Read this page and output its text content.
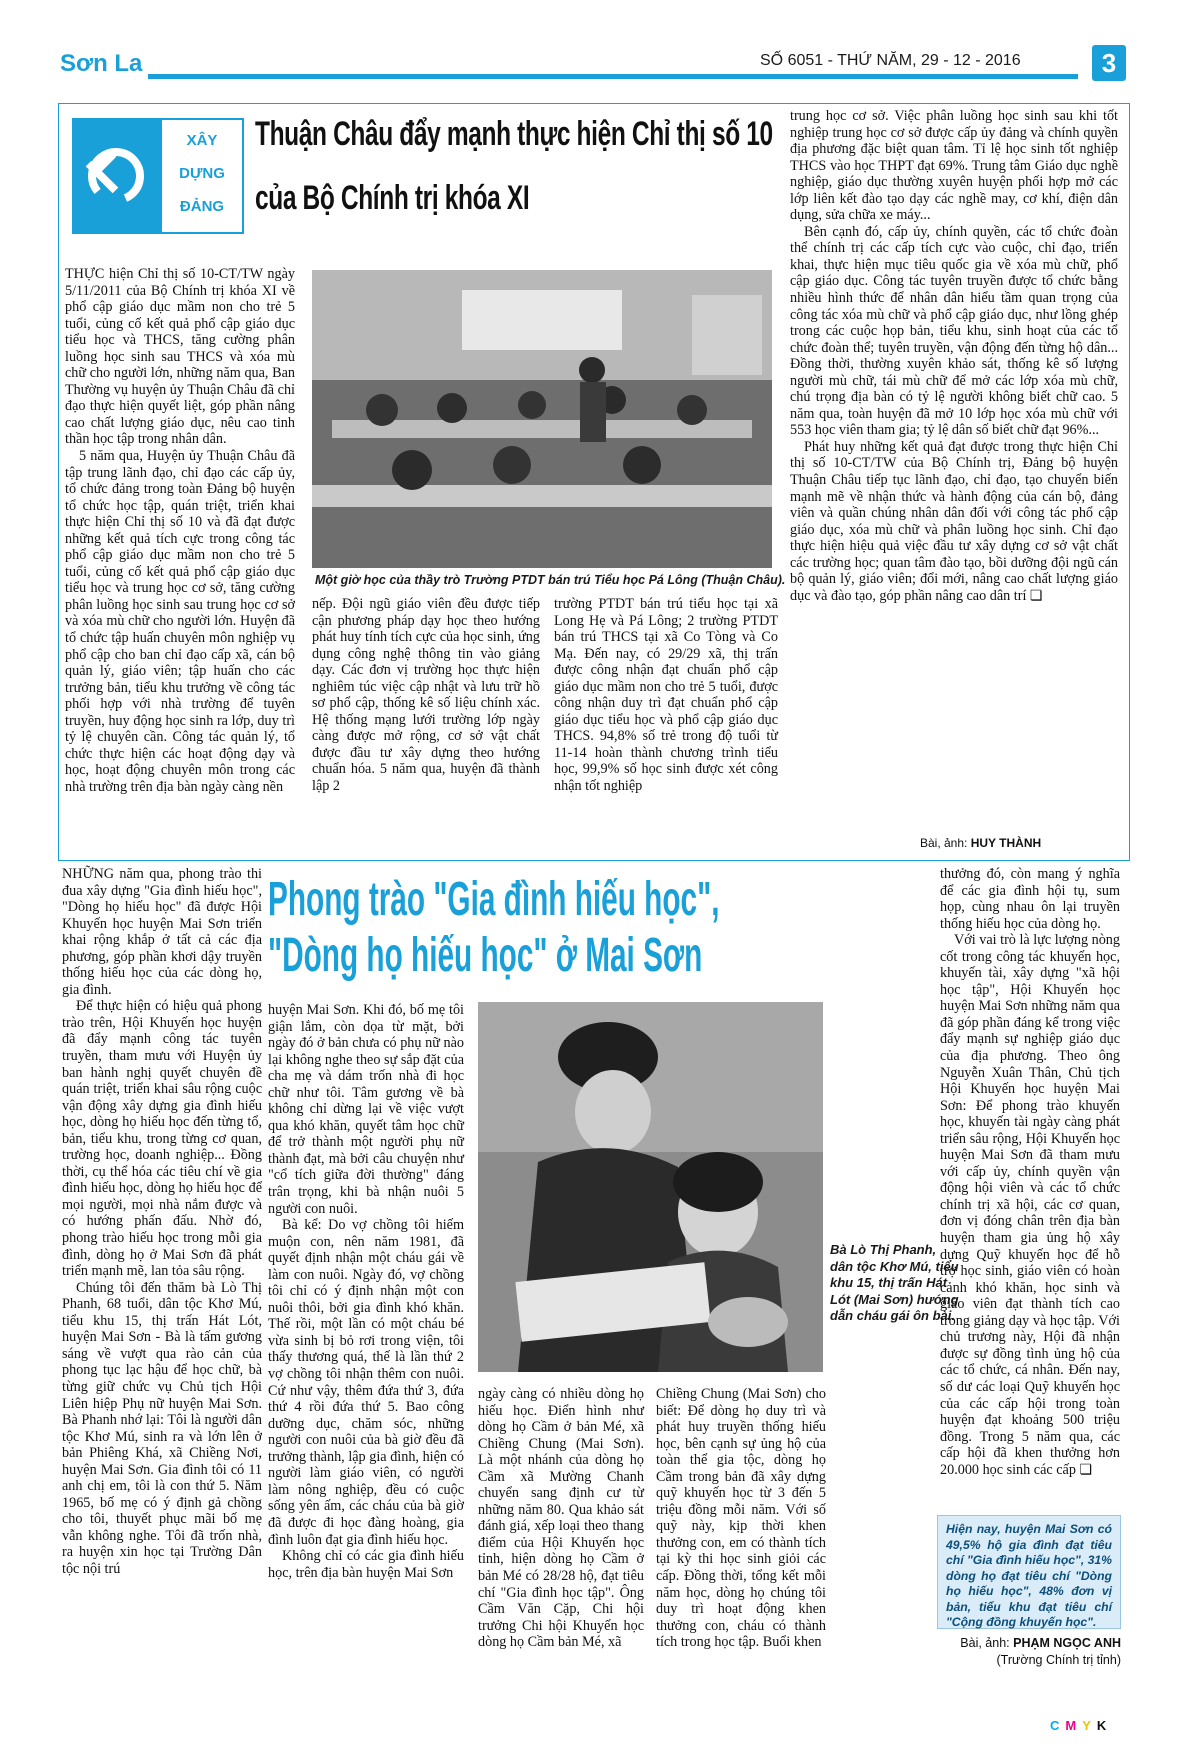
Sơn La	SỐ 6051 - THỨ NĂM, 29 - 12 - 2016	3
XÂY
DỰNG
ĐẢNG
Thuận Châu đẩy mạnh thực hiện Chỉ thị số 10
của Bộ Chính trị khóa XI

THỰC hiện Chỉ thị số 10-CT/TW ngày 5/11/2011 của Bộ Chính trị khóa XI về phổ cập giáo dục mầm non cho trẻ 5 tuổi, củng cố kết quả phổ cập giáo dục tiểu học và THCS, tăng cường phân luồng học sinh sau THCS và xóa mù chữ cho người lớn, những năm qua, Ban Thường vụ huyện ủy Thuận Châu đã chỉ đạo thực hiện quyết liệt, góp phần nâng cao chất lượng giáo dục, nêu cao tinh thần học tập trong nhân dân.

5 năm qua, Huyện ủy Thuận Châu đã tập trung lãnh đạo, chỉ đạo các cấp ủy, tổ chức đảng trong toàn Đảng bộ huyện tổ chức học tập, quán triệt, triển khai thực hiện Chỉ thị số 10 và đã đạt được những kết quả tích cực trong công tác phổ cập giáo dục mầm non cho trẻ 5 tuổi, củng cố kết quả phổ cập giáo dục tiểu học và trung học cơ sở, tăng cường phân luồng học sinh sau trung học cơ sở và xóa mù chữ cho người lớn. Huyện đã tổ chức tập huấn chuyên môn nghiệp vụ phổ cập cho ban chỉ đạo cấp xã, cán bộ quản lý, giáo viên; tập huấn cho các trưởng bản, tiểu khu trưởng về công tác phối hợp với nhà trường để tuyên truyền, huy động học sinh ra lớp, duy trì tỷ lệ chuyên cần. Công tác quản lý, tổ chức thực hiện các hoạt động dạy và học, hoạt động chuyên môn trong các nhà trường trên địa bàn ngày càng nền

Một giờ học của thầy trò Trường PTDT bán trú Tiểu học Pá Lông (Thuận Châu).

nếp. Đội ngũ giáo viên đều được tiếp cận phương pháp dạy học theo hướng phát huy tính tích cực của học sinh, ứng dụng công nghệ thông tin vào giảng dạy. Các đơn vị trường học thực hiện nghiêm túc việc cập nhật và lưu trữ hồ sơ phổ cập, thống kê số liệu chính xác. Hệ thống mạng lưới trường lớp ngày càng được mở rộng, cơ sở vật chất được đầu tư xây dựng theo hướng chuẩn hóa. 5 năm qua, huyện đã thành lập 2

trường PTDT bán trú tiểu học tại xã Long Hẹ và Pá Lông; 2 trường PTDT bán trú THCS tại xã Co Tòng và Co Mạ. Đến nay, có 29/29 xã, thị trấn được công nhận đạt chuẩn phổ cập giáo dục mầm non cho trẻ 5 tuổi, được công nhận duy trì đạt chuẩn phổ cập giáo dục tiểu học và phổ cập giáo dục THCS. 94,8% số trẻ trong độ tuổi từ 11-14 hoàn thành chương trình tiểu học, 99,9% số học sinh được xét công nhận tốt nghiệp

trung học cơ sở. Việc phân luồng học sinh sau khi tốt nghiệp trung học cơ sở được cấp ủy đảng và chính quyền địa phương đặc biệt quan tâm. Tỉ lệ học sinh tốt nghiệp THCS vào học THPT đạt 69%. Trung tâm Giáo dục nghề nghiệp, giáo dục thường xuyên huyện phối hợp mở các lớp liên kết đào tạo dạy các nghề may, cơ khí, điện dân dụng, sửa chữa xe máy...

Bên cạnh đó, cấp ủy, chính quyền, các tổ chức đoàn thể chính trị các cấp tích cực vào cuộc, chỉ đạo, triển khai, thực hiện mục tiêu quốc gia về xóa mù chữ, phổ cập giáo dục. Công tác tuyên truyền được tổ chức bằng nhiều hình thức để nhân dân hiểu tầm quan trọng của công tác xóa mù chữ và phổ cập giáo dục, như lồng ghép trong các cuộc họp bản, tiểu khu, sinh hoạt của các tổ chức đoàn thể; tuyên truyền, vận động đến từng hộ dân... Đồng thời, thường xuyên khảo sát, thống kê số lượng người mù chữ, tái mù chữ để mở các lớp xóa mù chữ, chú trọng địa bàn có tỷ lệ người không biết chữ cao. 5 năm qua, toàn huyện đã mở 10 lớp học xóa mù chữ với 553 học viên tham gia; tỷ lệ dân số biết chữ đạt 96%...

Phát huy những kết quả đạt được trong thực hiện Chỉ thị số 10-CT/TW của Bộ Chính trị, Đảng bộ huyện Thuận Châu tiếp tục lãnh đạo, chỉ đạo, tạo chuyển biến mạnh mẽ về nhận thức và hành động của cán bộ, đảng viên và quần chúng nhân dân đối với công tác phổ cập giáo dục, xóa mù chữ và phân luồng học sinh. Chỉ đạo thực hiện hiệu quả việc đầu tư xây dựng cơ sở vật chất các trường học; quan tâm đào tạo, bồi dưỡng đội ngũ cán bộ quản lý, giáo viên; đổi mới, nâng cao chất lượng giáo dục và đào tạo, góp phần nâng cao dân trí ❏

Bài, ảnh: HUY THÀNH

NHỮNG năm qua, phong trào thi đua xây dựng "Gia đình hiếu học", "Dòng họ hiếu học" đã được Hội Khuyến học huyện Mai Sơn triển khai rộng khắp ở tất cả các địa phương, góp phần khơi dậy truyền thống hiếu học của các dòng họ, gia đình.

Để thực hiện có hiệu quả phong trào trên, Hội Khuyến học huyện đã đẩy mạnh công tác tuyên truyền, tham mưu với Huyện ủy ban hành nghị quyết chuyên đề quán triệt, triển khai sâu rộng cuộc vận động xây dựng gia đình hiếu học, dòng họ hiếu học đến từng tổ, bản, tiểu khu, trong từng cơ quan, trường học, doanh nghiệp... Đồng thời, cụ thể hóa các tiêu chí về gia đình hiếu học, dòng họ hiếu học để mọi người, mọi nhà nắm được và có hướng phấn đấu. Nhờ đó, phong trào hiếu học trong mỗi gia đình, dòng họ ở Mai Sơn đã phát triển mạnh mẽ, lan tỏa sâu rộng.

Chúng tôi đến thăm bà Lò Thị Phanh, 68 tuổi, dân tộc Khơ Mú, tiểu khu 15, thị trấn Hát Lót, huyện Mai Sơn - Bà là tấm gương sáng về vượt qua rào cản của phong tục lạc hậu để học chữ, bà từng giữ chức vụ Chủ tịch Hội Liên hiệp Phụ nữ huyện Mai Sơn. Bà Phanh nhớ lại: Tôi là người dân tộc Khơ Mú, sinh ra và lớn lên ở bản Phiêng Khá, xã Chiềng Nơi, huyện Mai Sơn. Gia đình tôi có 11 anh chị em, tôi là con thứ 5. Năm 1965, bố mẹ có ý định gả chồng cho tôi, thuyết phục mãi bố mẹ vẫn không nghe. Tôi đã trốn nhà, ra huyện xin học tại Trường Dân tộc nội trú

Phong trào "Gia đình hiếu học",
"Dòng họ hiếu học" ở Mai Sơn

huyện Mai Sơn. Khi đó, bố mẹ tôi giận lắm, còn dọa từ mặt, bởi ngày đó ở bản chưa có phụ nữ nào lại không nghe theo sự sắp đặt của cha mẹ và dám trốn nhà đi học chữ như tôi. Tâm gương về bà không chỉ dừng lại về việc vượt qua khó khăn, quyết tâm học chữ để trở thành một người phụ nữ thành đạt, mà bởi câu chuyện như "cổ tích giữa đời thường" đáng trân trọng, khi bà nhận nuôi 5 người con nuôi.

Bà kể: Do vợ chồng tôi hiếm muộn con, nên năm 1981, đã quyết định nhận một cháu gái về làm con nuôi. Ngày đó, vợ chồng tôi chỉ có ý định nhận một con nuôi thôi, bởi gia đình khó khăn. Thế rồi, một lần có một cháu bé vừa sinh bị bỏ rơi trong viện, tôi thấy thương quá, thế là lần thứ 2 vợ chồng tôi nhận thêm con nuôi. Cứ như vậy, thêm đứa thứ 3, đứa thứ 4 rồi đứa thứ 5. Bao công dưỡng dục, chăm sóc, những người con nuôi của bà giờ đều đã trưởng thành, lập gia đình, hiện có người làm giáo viên, có người làm nông nghiệp, đều có cuộc sống yên ấm, các cháu của bà giờ đã được đi học đàng hoàng, gia đình luôn đạt gia đình hiếu học.

Không chỉ có các gia đình hiếu học, trên địa bàn huyện Mai Sơn

Bà Lò Thị Phanh, dân tộc Khơ Mú, tiểu khu 15, thị trấn Hát Lót (Mai Sơn) hướng dẫn cháu gái ôn bài.

ngày càng có nhiều dòng họ hiếu học. Điển hình như dòng họ Cầm ở bản Mé, xã Chiềng Chung (Mai Sơn). Là một nhánh của dòng họ Cầm xã Mường Chanh chuyển sang định cư từ những năm 80. Qua khảo sát đánh giá, xếp loại theo thang điểm của Hội Khuyến học tỉnh, hiện dòng họ Cầm ở bản Mé có 28/28 hộ, đạt tiêu chí "Gia đình học tập". Ông Cầm Văn Cặp, Chi hội trưởng Chi hội Khuyến học dòng họ Cầm bản Mé, xã

Chiềng Chung (Mai Sơn) cho biết: Để dòng họ duy trì và phát huy truyền thống hiếu học, bên cạnh sự ủng hộ của toàn thể gia tộc, dòng họ Cầm trong bản đã xây dựng quỹ khuyến học từ 3 đến 5 triệu đồng mỗi năm. Với số quỹ này, kịp thời khen thưởng con, em có thành tích tại kỳ thi học sinh giỏi các cấp. Đồng thời, tổng kết mỗi năm học, dòng họ chúng tôi duy trì hoạt động khen thưởng con, cháu có thành tích trong học tập. Buổi khen

thưởng đó, còn mang ý nghĩa để các gia đình hội tụ, sum họp, cùng nhau ôn lại truyền thống hiếu học của dòng họ.

Với vai trò là lực lượng nòng cốt trong công tác khuyến học, khuyến tài, xây dựng "xã hội học tập", Hội Khuyến học huyện Mai Sơn những năm qua đã góp phần đáng kể trong việc đẩy mạnh sự nghiệp giáo dục của địa phương. Theo ông Nguyễn Xuân Thân, Chủ tịch Hội Khuyến học huyện Mai Sơn: Để phong trào khuyến học, khuyến tài ngày càng phát triển sâu rộng, Hội Khuyến học huyện Mai Sơn đã tham mưu với cấp ủy, chính quyền vận động hội viên và các tổ chức chính trị xã hội, các cơ quan, đơn vị đóng chân trên địa bàn huyện tham gia ủng hộ xây dựng Quỹ khuyến học để hỗ trợ học sinh, giáo viên có hoàn cảnh khó khăn, học sinh và giáo viên đạt thành tích cao trong giảng dạy và học tập. Với chủ trương này, Hội đã nhận được sự đồng tình ủng hộ của các tổ chức, cá nhân. Đến nay, số dư các loại Quỹ khuyến học của các cấp hội trong toàn huyện đạt khoảng 500 triệu đồng. Trong 5 năm qua, các cấp hội đã khen thưởng hơn 20.000 học sinh các cấp ❏

Hiện nay, huyện Mai Sơn có 49,5% hộ gia đình đạt tiêu chí "Gia đình hiếu học", 31% dòng họ đạt tiêu chí "Dòng họ hiếu học", 48% đơn vị bản, tiểu khu đạt tiêu chí "Cộng đồng khuyến học".
Bài, ảnh: PHẠM NGỌC ANH
(Trường Chính trị tỉnh)
CMYK
